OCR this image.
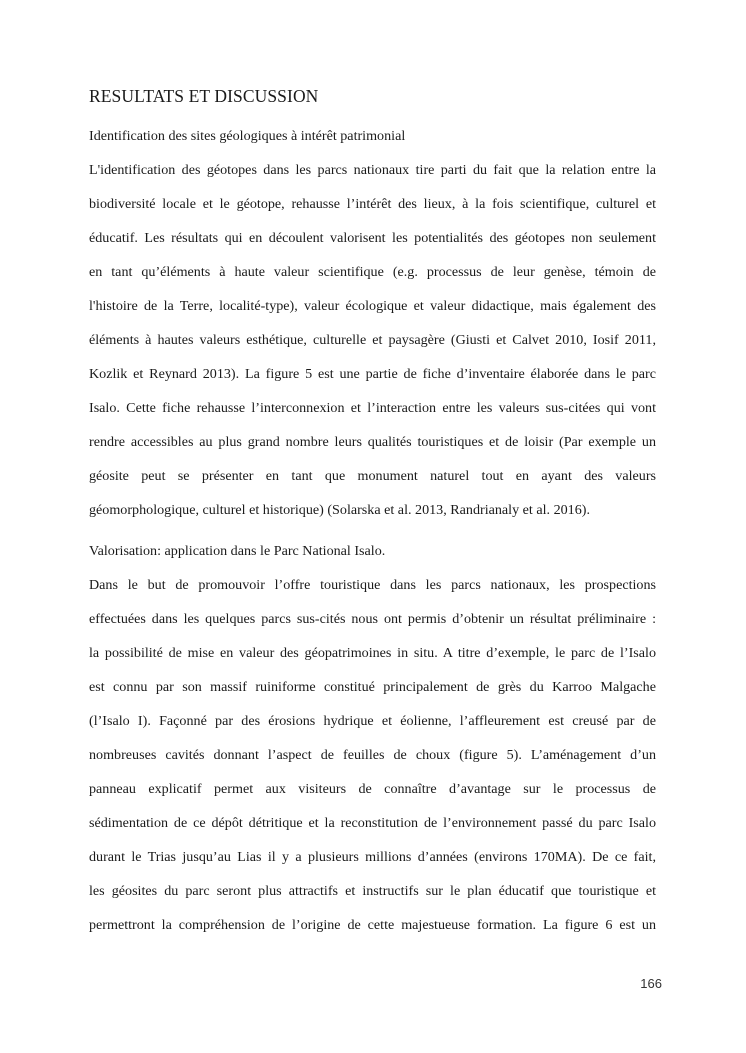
RESULTATS ET DISCUSSION
Identification des sites géologiques à intérêt patrimonial
L'identification des géotopes dans les parcs nationaux tire parti du fait que la relation entre la
biodiversité locale et le géotope, rehausse l’intérêt des lieux, à la fois scientifique, culturel et
éducatif. Les résultats qui en découlent valorisent les potentialités des géotopes non seulement
en tant qu’éléments à haute valeur scientifique (e.g. processus de leur genèse, témoin de
l'histoire de la Terre, localité-type), valeur écologique et valeur didactique, mais également des
éléments à hautes valeurs esthétique, culturelle et paysagère (Giusti et Calvet 2010, Iosif 2011,
Kozlik et Reynard 2013). La figure 5 est une partie de fiche d’inventaire élaborée dans le parc
Isalo. Cette fiche rehausse l’interconnexion et l’interaction entre les valeurs sus-citées qui vont
rendre accessibles au plus grand nombre leurs qualités touristiques et de loisir (Par exemple un
géosite peut se présenter en tant que monument naturel tout en ayant des valeurs
géomorphologique, culturel et historique) (Solarska et al. 2013, Randrianaly et al. 2016).
Valorisation: application dans le Parc National Isalo.
Dans le but de promouvoir l’offre touristique dans les parcs nationaux, les prospections
effectuées dans les quelques parcs sus-cités nous ont permis d’obtenir un résultat préliminaire :
la possibilité de mise en valeur des géopatrimoines in situ. A titre d’exemple, le parc de l’Isalo
est connu par son massif ruiniforme constitué principalement de grès du Karroo Malgache
(l’Isalo I). Façonné par des érosions hydrique et éolienne, l’affleurement est creusé par de
nombreuses cavités donnant l’aspect de feuilles de choux (figure 5). L’aménagement d’un
panneau explicatif permet aux visiteurs de connaître d’avantage sur le processus de
sédimentation de ce dépôt détritique et la reconstitution de l’environnement passé du parc Isalo
durant le Trias jusqu’au Lias il y a plusieurs millions d’années (environs 170MA). De ce fait,
les géosites du parc seront plus attractifs et instructifs sur le plan éducatif que touristique et
permettront la compréhension de l’origine de cette majestueuse formation. La figure 6 est un
166
